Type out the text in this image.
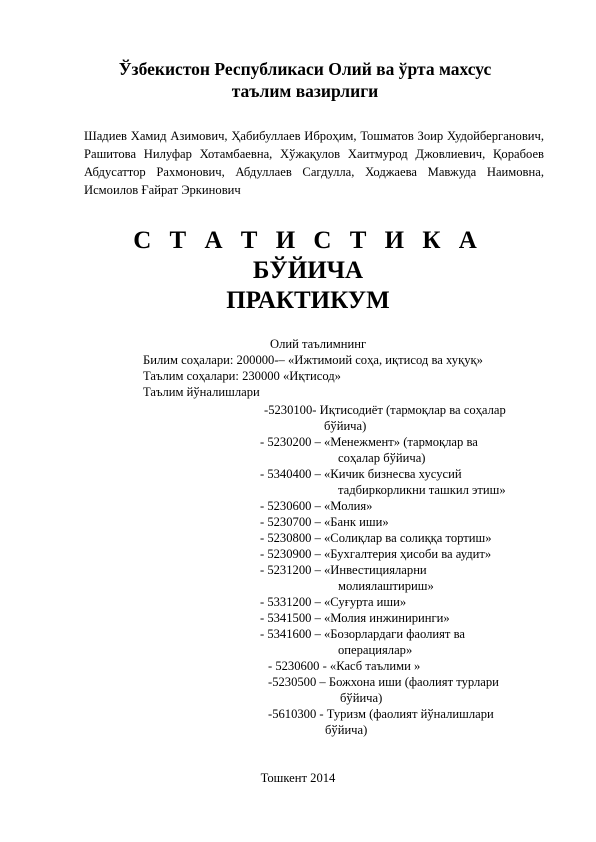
Ўзбекистон Республикаси Олий ва ўрта махсус
таълим вазирлиги
Шадиев Хамид Азимович, Ҳабибуллаев Иброҳим, Тошматов Зоир Худойберганович, Рашитова Нилуфар Хотамбаевна, Хўжақулов Хаитмурод Джовлиевич, Қорабоев Абдусаттор Рахмонович, Абдуллаев Сагдулла, Ходжаева Мавжуда Наимовна, Исмоилов Ғайрат Эркинович
С Т А Т И С Т И К А
БЎЙИЧА
ПРАКТИКУМ
Олий таълимнинг
Билим соҳалари: 200000-– «Ижтимоий соҳа, иқтисод ва хуқуқ»
Таълим соҳалари: 230000 «Иқтисод»
Таълим йўналишлари
-5230100- Иқтисодиёт (тармоқлар ва соҳалар
бўйича)
- 5230200 – «Менежмент» (тармоқлар ва
соҳалар бўйича)
- 5340400 – «Кичик бизнесва хусусий
тадбиркорликни ташкил этиш»
- 5230600 – «Молия»
- 5230700 – «Банк иши»
- 5230800 – «Солиқлар ва солиққа тортиш»
- 5230900 – «Бухгалтерия ҳисоби ва аудит»
- 5231200 – «Инвестицияларни
молиялаштириш»
- 5331200 – «Суғурта иши»
- 5341500 – «Молия инжиниринги»
- 5341600 – «Бозорлардаги фаолият ва
операциялар»
- 5230600 - «Касб таълими »
-5230500 – Божхона иши (фаолият турлари
бўйича)
-5610300 - Туризм (фаолият йўналишлари
бўйича)
Тошкент 2014
